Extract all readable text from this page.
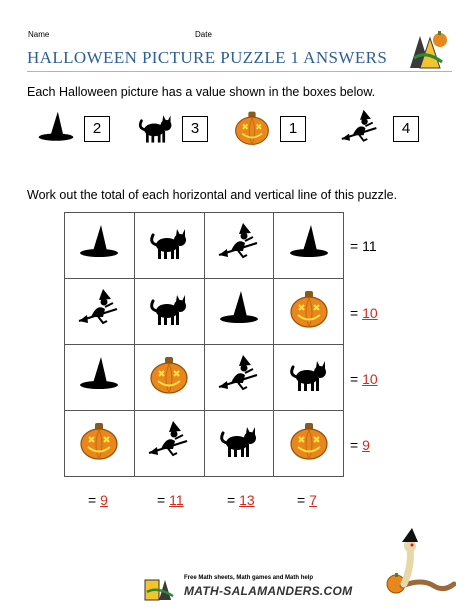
Name	Date
HALLOWEEN PICTURE PUZZLE 1 ANSWERS
Each Halloween picture has a value shown in the boxes below.
2	3	1	4
Work out the total of each horizontal and vertical line of this puzzle.
= 11
= 10
= 10
= 9
= 9	= 11	= 13	= 7
Free Math sheets, Math games and Math help
MATH-SALAMANDERS.COM
